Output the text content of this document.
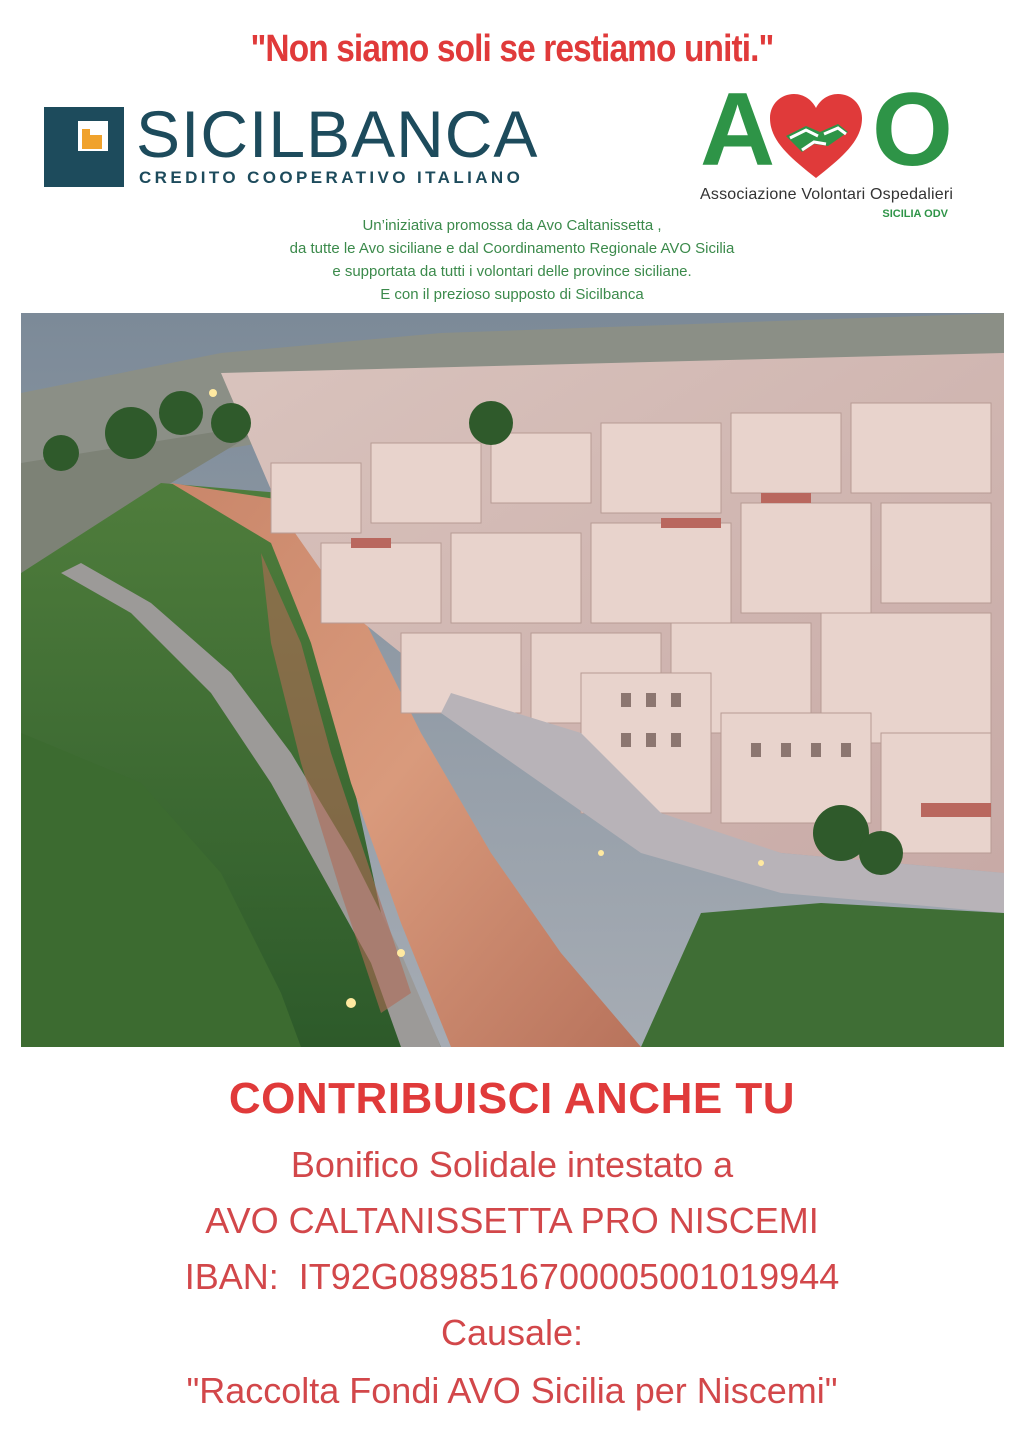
"Non siamo soli se restiamo uniti."
SICILBANCA
CREDITO COOPERATIVO ITALIANO A O
Associazione Volontari Ospedalieri
SICILIA ODV
Un’iniziativa promossa da Avo Caltanissetta ,
da tutte le Avo siciliane e dal Coordinamento Regionale AVO Sicilia
e supportata da tutti i volontari delle province siciliane.
E con il prezioso supposto di Sicilbanca
CONTRIBUISCI ANCHE TU
Bonifico Solidale intestato a
AVO CALTANISSETTA PRO NISCEMI
IBAN:  IT92G0898516700005001019944
Causale:
"Raccolta Fondi AVO Sicilia per Niscemi"
